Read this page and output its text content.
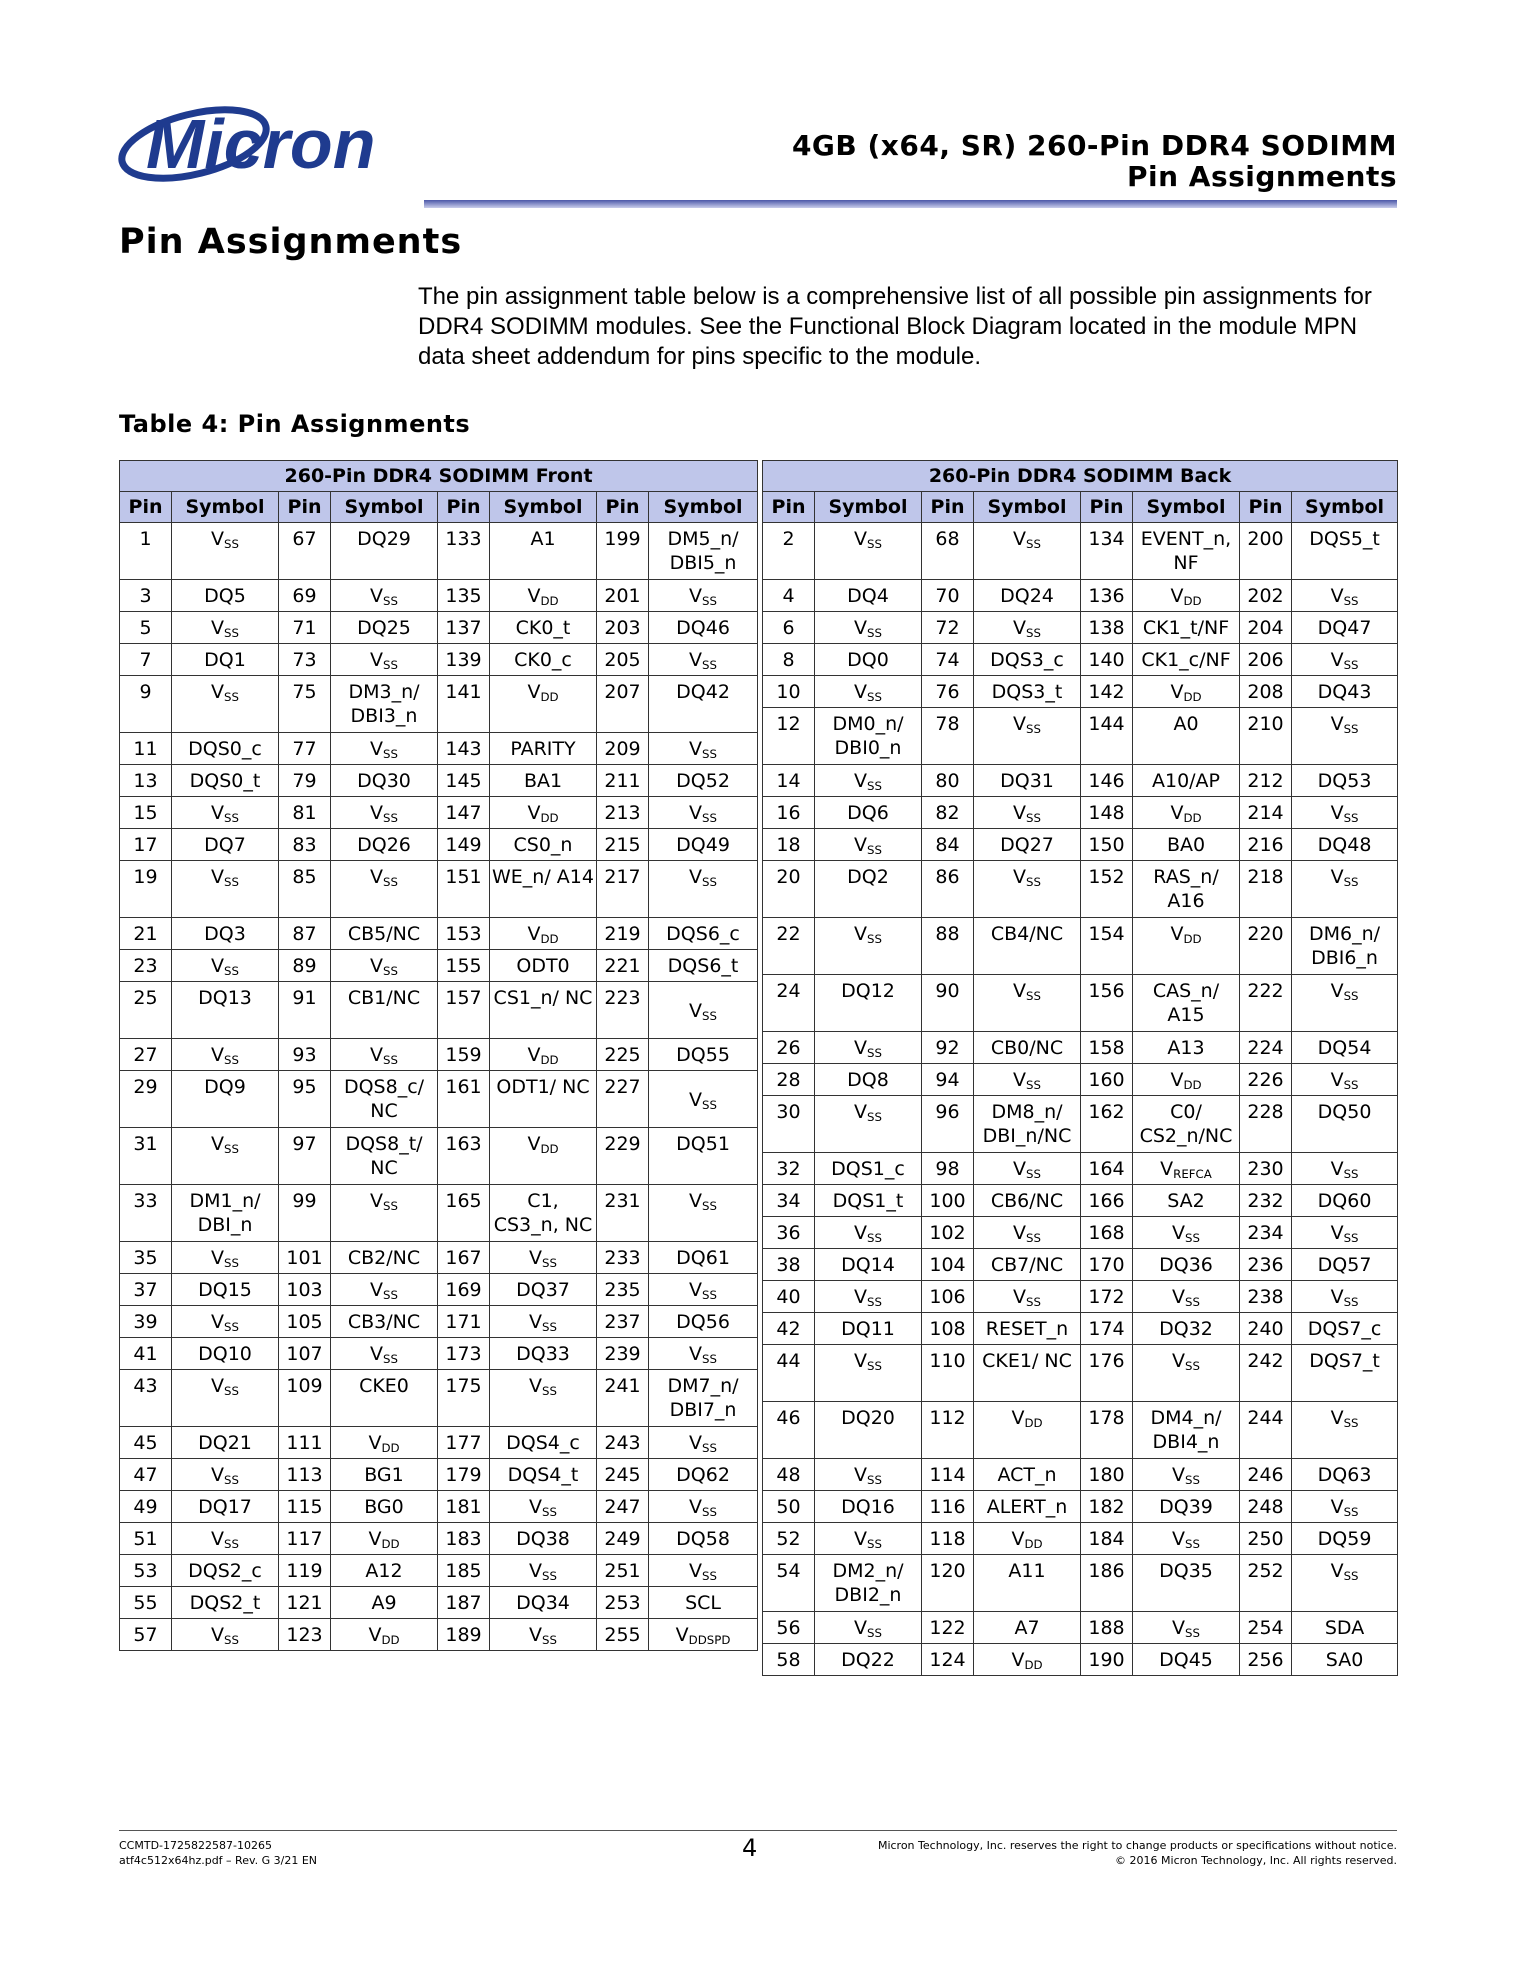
Micron	4GB (x64, SR) 260-Pin DDR4 SODIMM
Pin Assignments
Pin Assignments
The pin assignment table below is a comprehensive list of all possible pin assignments for DDR4 SODIMM modules. See the Functional Block Diagram located in the module MPN data sheet addendum for pins specific to the module.
Table 4: Pin Assignments
260-Pin DDR4 SODIMM Front							
Pin	Symbol	Pin	Symbol	Pin	Symbol	Pin	Symbol
1	$V_{SS}$	67	DQ29	133	A1	199	DM5_n/ DBI5_n
3	DQ5	69	$V_{SS}$	135	$V_{DD}$	201	$V_{SS}$
5	$V_{SS}$	71	DQ25	137	CK0_t	203	DQ46
7	DQ1	73	$V_{SS}$	139	CK0_c	205	$V_{SS}$
9	$V_{SS}$	75	DM3_n/ DBI3_n	141	$V_{DD}$	207	DQ42
11	DQS0_c	77	$V_{SS}$	143	PARITY	209	$V_{SS}$
13	DQS0_t	79	DQ30	145	BA1	211	DQ52
15	$V_{SS}$	81	$V_{SS}$	147	$V_{DD}$	213	$V_{SS}$
17	DQ7	83	DQ26	149	CS0_n	215	DQ49
19	$V_{SS}$	85	$V_{SS}$	151	WE_n/ A14	217	$V_{SS}$
21	DQ3	87	CB5/NC	153	$V_{DD}$	219	DQS6_c
23	$V_{SS}$	89	$V_{SS}$	155	ODT0	221	DQS6_t
25	DQ13	91	CB1/NC	157	CS1_n/ NC	223	$V_{SS}$
27	$V_{SS}$	93	$V_{SS}$	159	$V_{DD}$	225	DQ55
29	DQ9	95	DQS8_c/ NC	161	ODT1/ NC	227	$V_{SS}$
31	$V_{SS}$	97	DQS8_t/ NC	163	$V_{DD}$	229	DQ51
33	DM1_n/ DBI_n	99	$V_{SS}$	165	C1, CS3_n, NC	231	$V_{SS}$
35	$V_{SS}$	101	CB2/NC	167	$V_{SS}$	233	DQ61
37	DQ15	103	$V_{SS}$	169	DQ37	235	$V_{SS}$
39	$V_{SS}$	105	CB3/NC	171	$V_{SS}$	237	DQ56
41	DQ10	107	$V_{SS}$	173	DQ33	239	$V_{SS}$
43	$V_{SS}$	109	CKE0	175	$V_{SS}$	241	DM7_n/ DBI7_n
45	DQ21	111	$V_{DD}$	177	DQS4_c	243	$V_{SS}$
47	$V_{SS}$	113	BG1	179	DQS4_t	245	DQ62
49	DQ17	115	BG0	181	$V_{SS}$	247	$V_{SS}$
51	$V_{SS}$	117	$V_{DD}$	183	DQ38	249	DQ58
53	DQS2_c	119	A12	185	$V_{SS}$	251	$V_{SS}$
55	DQS2_t	121	A9	187	DQ34	253	SCL
57	$V_{SS}$	123	$V_{DD}$	189	$V_{SS}$	255	$V_{DDSPD}$
260-Pin DDR4 SODIMM Back							
Pin	Symbol	Pin	Symbol	Pin	Symbol	Pin	Symbol
2	$V_{SS}$	68	$V_{SS}$	134	EVENT_n, NF	200	DQS5_t
4	DQ4	70	DQ24	136	$V_{DD}$	202	$V_{SS}$
6	$V_{SS}$	72	$V_{SS}$	138	CK1_t/NF	204	DQ47
8	DQ0	74	DQS3_c	140	CK1_c/NF	206	$V_{SS}$
10	$V_{SS}$	76	DQS3_t	142	$V_{DD}$	208	DQ43
12	DM0_n/ DBI0_n	78	$V_{SS}$	144	A0	210	$V_{SS}$
14	$V_{SS}$	80	DQ31	146	A10/AP	212	DQ53
16	DQ6	82	$V_{SS}$	148	$V_{DD}$	214	$V_{SS}$
18	$V_{SS}$	84	DQ27	150	BA0	216	DQ48
20	DQ2	86	$V_{SS}$	152	RAS_n/ A16	218	$V_{SS}$
22	$V_{SS}$	88	CB4/NC	154	$V_{DD}$	220	DM6_n/ DBI6_n
24	DQ12	90	$V_{SS}$	156	CAS_n/ A15	222	$V_{SS}$
26	$V_{SS}$	92	CB0/NC	158	A13	224	DQ54
28	DQ8	94	$V_{SS}$	160	$V_{DD}$	226	$V_{SS}$
30	$V_{SS}$	96	DM8_n/ DBI_n/NC	162	C0/ CS2_n/NC	228	DQ50
32	DQS1_c	98	$V_{SS}$	164	$V_{REFCA}$	230	$V_{SS}$
34	DQS1_t	100	CB6/NC	166	SA2	232	DQ60
36	$V_{SS}$	102	$V_{SS}$	168	$V_{SS}$	234	$V_{SS}$
38	DQ14	104	CB7/NC	170	DQ36	236	DQ57
40	$V_{SS}$	106	$V_{SS}$	172	$V_{SS}$	238	$V_{SS}$
42	DQ11	108	RESET_n	174	DQ32	240	DQS7_c
44	$V_{SS}$	110	CKE1/ NC	176	$V_{SS}$	242	DQS7_t
46	DQ20	112	$V_{DD}$	178	DM4_n/ DBI4_n	244	$V_{SS}$
48	$V_{SS}$	114	ACT_n	180	$V_{SS}$	246	DQ63
50	DQ16	116	ALERT_n	182	DQ39	248	$V_{SS}$
52	$V_{SS}$	118	$V_{DD}$	184	$V_{SS}$	250	DQ59
54	DM2_n/ DBI2_n	120	A11	186	DQ35	252	$V_{SS}$
56	$V_{SS}$	122	A7	188	$V_{SS}$	254	SDA
58	DQ22	124	$V_{DD}$	190	DQ45	256	SA0
CCMTD-1725822587-10265
atf4c512x64hz.pdf – Rev. G 3/21 EN	4	Micron Technology, Inc. reserves the right to change products or specifications without notice.
© 2016 Micron Technology, Inc. All rights reserved.
